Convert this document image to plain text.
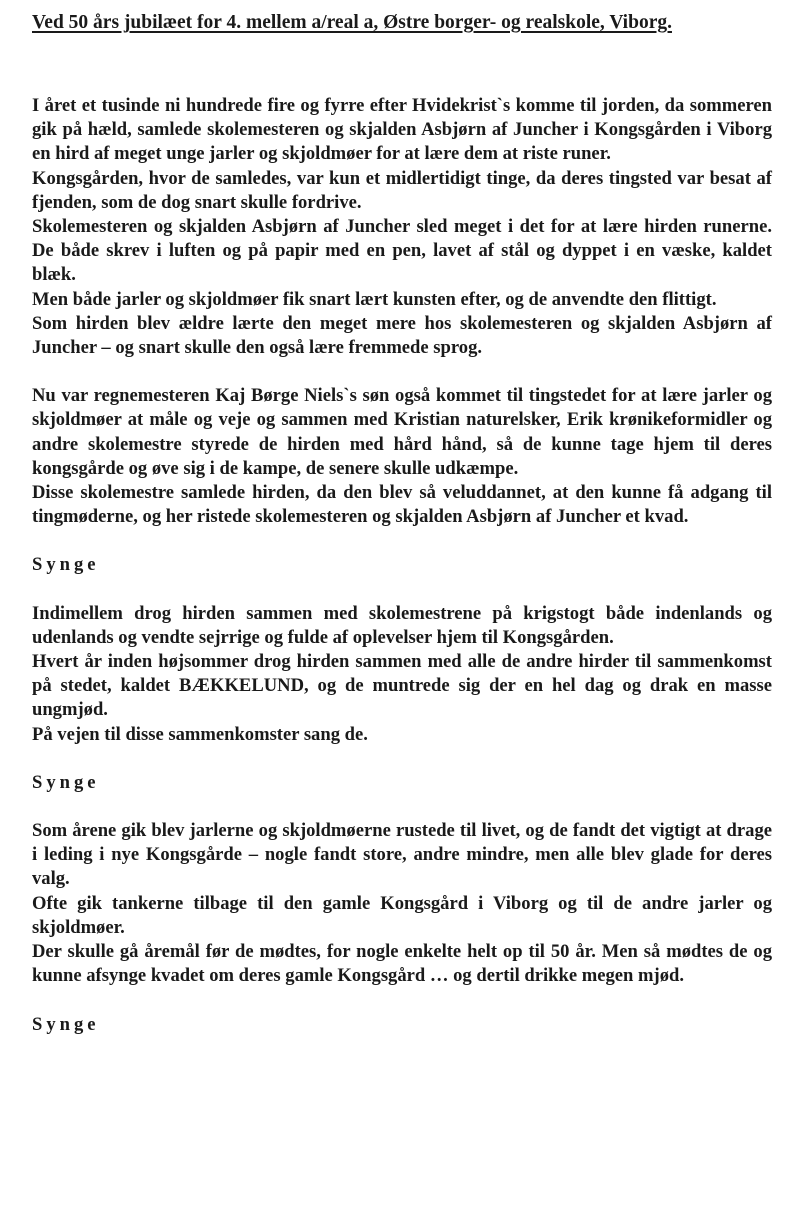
Ved 50 års jubilæet for 4. mellem a/real a, Østre borger- og realskole, Viborg.

I året et tusinde ni hundrede fire og fyrre efter Hvidekrist`s komme til jorden, da sommeren gik på hæld, samlede skolemesteren og skjalden Asbjørn af Juncher i Kongsgården i Viborg en hird af meget unge jarler og skjoldmøer for at lære dem at riste runer.

Kongsgården, hvor de samledes, var kun et midlertidigt tinge, da deres tingsted var besat af fjenden, som de dog snart skulle fordrive.

Skolemesteren og skjalden Asbjørn af Juncher sled meget i det for at lære hirden runerne. De både skrev i luften og på papir med en pen, lavet af stål og dyppet i en væske, kaldet blæk.

Men både jarler og skjoldmøer fik snart lært kunsten efter, og de anvendte den flittigt.

Som hirden blev ældre lærte den meget mere hos skolemesteren og skjalden Asbjørn af Juncher – og snart skulle den også lære fremmede sprog.

Nu var regnemesteren Kaj Børge Niels`s søn også kommet til tingstedet for at lære jarler og skjoldmøer at måle og veje og sammen med Kristian naturelsker, Erik krønikeformidler og andre skolemestre styrede de hirden med hård hånd, så de kunne tage hjem til deres kongsgårde og øve sig i de kampe, de senere skulle udkæmpe.

Disse skolemestre samlede hirden, da den blev så veluddannet, at den kunne få adgang til tingmøderne, og her ristede skolemesteren og skjalden Asbjørn af Juncher et kvad.

Synge

Indimellem drog hirden sammen med skolemestrene på krigstogt både indenlands og udenlands og vendte sejrrige og fulde af oplevelser hjem til Kongsgården.

Hvert år inden højsommer drog hirden sammen med alle de andre hirder til sammenkomst på stedet, kaldet BÆKKELUND, og de muntrede sig der en hel dag og drak en masse ungmjød.

På vejen til disse sammenkomster sang de.

Synge

Som årene gik blev jarlerne og skjoldmøerne rustede til livet, og de fandt det vigtigt at drage i leding i nye Kongsgårde – nogle fandt store, andre mindre, men alle blev glade for deres valg.

Ofte gik tankerne tilbage til den gamle Kongsgård i Viborg og til de andre jarler og skjoldmøer.

Der skulle gå åremål før de mødtes, for nogle enkelte helt op til 50 år. Men så mødtes de og kunne afsynge kvadet om deres gamle Kongsgård … og dertil drikke megen mjød.

Synge
